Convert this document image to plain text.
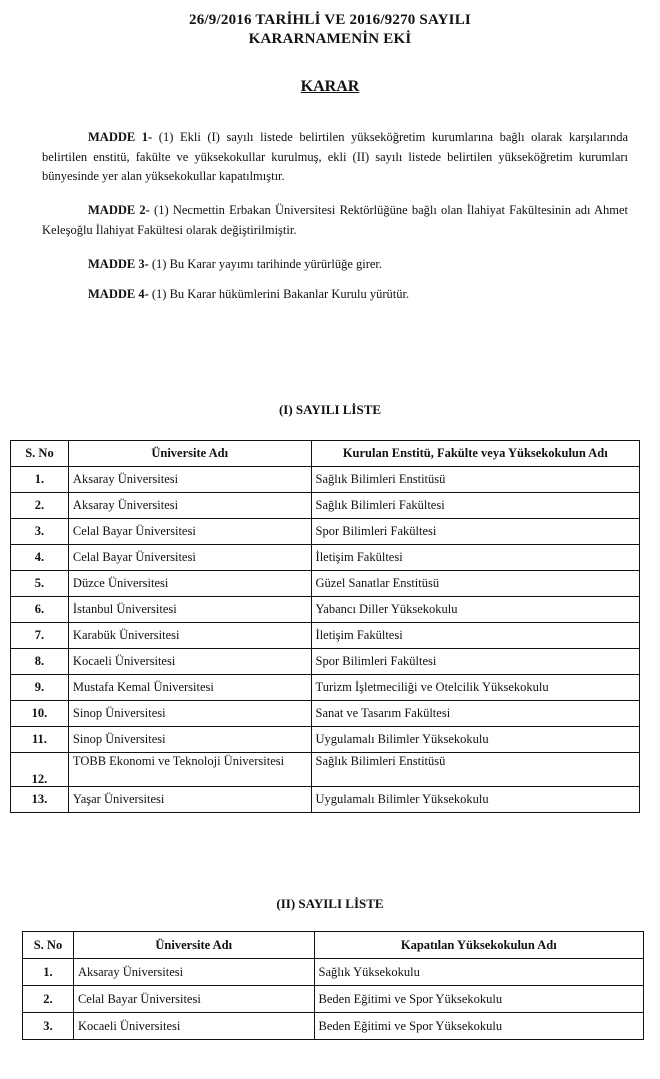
26/9/2016 TARİHLİ VE 2016/9270 SAYILI
KARARNAMENİN EKİ
KARAR
MADDE 1- (1) Ekli (I) sayılı listede belirtilen yükseköğretim kurumlarına bağlı olarak karşılarında belirtilen enstitü, fakülte ve yüksekokullar kurulmuş, ekli (II) sayılı listede belirtilen yükseköğretim kurumları bünyesinde yer alan yüksekokullar kapatılmıştır.
MADDE 2- (1) Necmettin Erbakan Üniversitesi Rektörlüğüne bağlı olan İlahiyat Fakültesinin adı Ahmet Keleşoğlu İlahiyat Fakültesi olarak değiştirilmiştir.
MADDE 3- (1) Bu Karar yayımı tarihinde yürürlüğe girer.
MADDE 4- (1) Bu Karar hükümlerini Bakanlar Kurulu yürütür.
(I) SAYILI LİSTE
S. No	Üniversite Adı	Kurulan Enstitü, Fakülte veya Yüksekokulun Adı
1.	Aksaray Üniversitesi	Sağlık Bilimleri Enstitüsü
2.	Aksaray Üniversitesi	Sağlık Bilimleri Fakültesi
3.	Celal Bayar Üniversitesi	Spor Bilimleri Fakültesi
4.	Celal Bayar Üniversitesi	İletişim Fakültesi
5.	Düzce Üniversitesi	Güzel Sanatlar Enstitüsü
6.	İstanbul Üniversitesi	Yabancı Diller Yüksekokulu
7.	Karabük Üniversitesi	İletişim Fakültesi
8.	Kocaeli Üniversitesi	Spor Bilimleri Fakültesi
9.	Mustafa Kemal Üniversitesi	Turizm İşletmeciliği ve Otelcilik Yüksekokulu
10.	Sinop Üniversitesi	Sanat ve Tasarım Fakültesi
11.	Sinop Üniversitesi	Uygulamalı Bilimler Yüksekokulu
12.	TOBB Ekonomi ve Teknoloji Üniversitesi	Sağlık Bilimleri Enstitüsü
13.	Yaşar Üniversitesi	Uygulamalı Bilimler Yüksekokulu
(II) SAYILI LİSTE
S. No	Üniversite Adı	Kapatılan Yüksekokulun Adı
1.	Aksaray Üniversitesi	Sağlık Yüksekokulu
2.	Celal Bayar Üniversitesi	Beden Eğitimi ve Spor Yüksekokulu
3.	Kocaeli Üniversitesi	Beden Eğitimi ve Spor Yüksekokulu
